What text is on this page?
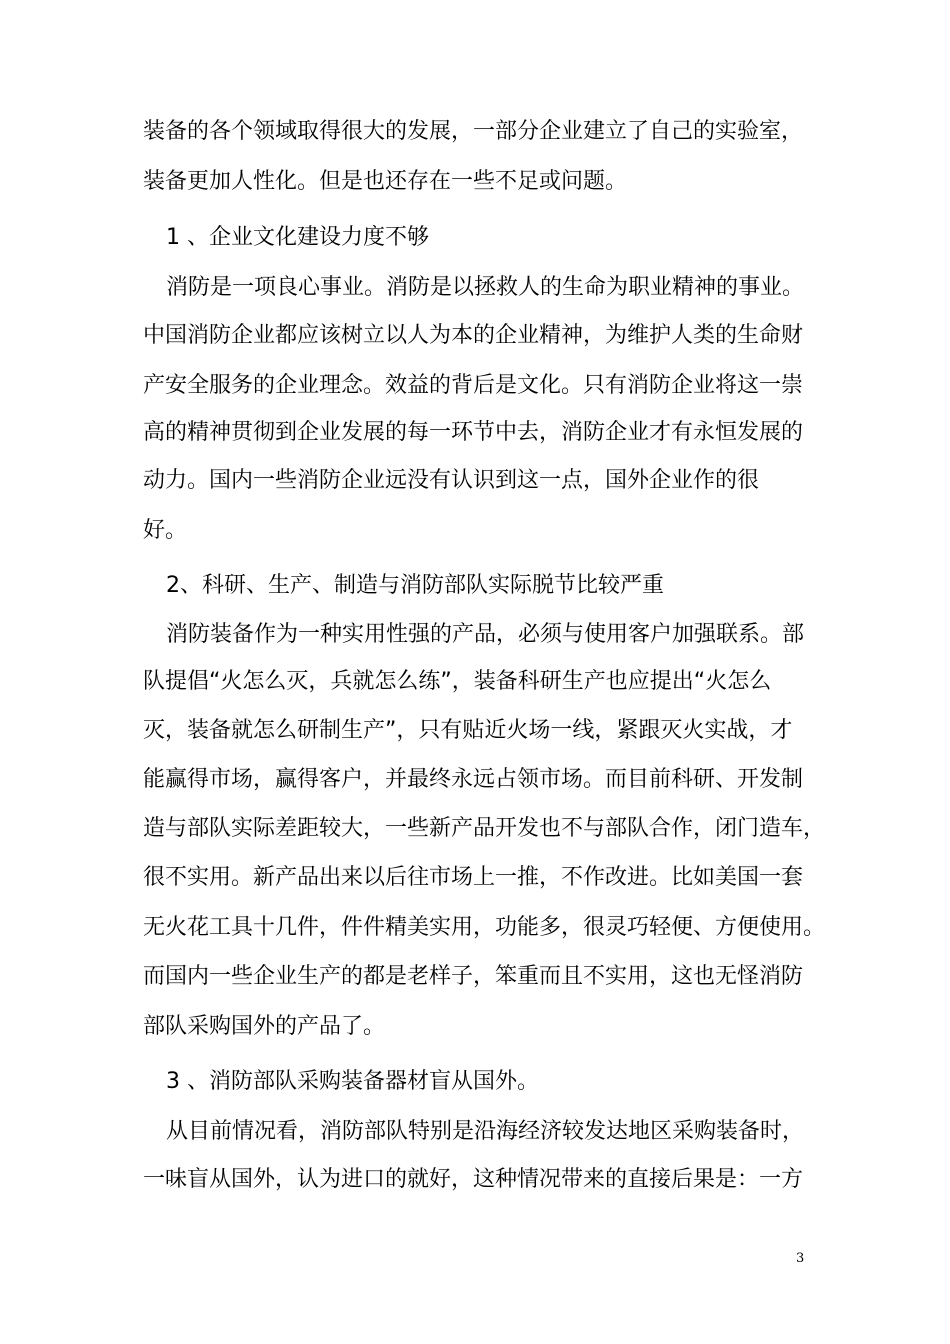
装备的各个领域取得很大的发展，一部分企业建立了自己的实验室，
装备更加人性化。但是也还存在一些不足或问题。
1 、企业文化建设力度不够
消防是一项良心事业。消防是以拯救人的生命为职业精神的事业。
中国消防企业都应该树立以人为本的企业精神，为维护人类的生命财
产安全服务的企业理念。效益的背后是文化。只有消防企业将这一崇
高的精神贯彻到企业发展的每一环节中去，消防企业才有永恒发展的
动力。国内一些消防企业远没有认识到这一点，国外企业作的很
好。
2、科研、生产、制造与消防部队实际脱节比较严重
消防装备作为一种实用性强的产品，必须与使用客户加强联系。部
队提倡“火怎么灭，兵就怎么练”，装备科研生产也应提出“火怎么
灭，装备就怎么研制生产”，只有贴近火场一线，紧跟灭火实战，才
能赢得市场，赢得客户，并最终永远占领市场。而目前科研、开发制
造与部队实际差距较大，一些新产品开发也不与部队合作，闭门造车，
很不实用。新产品出来以后往市场上一推，不作改进。比如美国一套
无火花工具十几件，件件精美实用，功能多，很灵巧轻便、方便使用。
而国内一些企业生产的都是老样子，笨重而且不实用，这也无怪消防
部队采购国外的产品了。
3 、消防部队采购装备器材盲从国外。
从目前情况看，消防部队特别是沿海经济较发达地区采购装备时，
一味盲从国外，认为进口的就好，这种情况带来的直接后果是：一方
3
